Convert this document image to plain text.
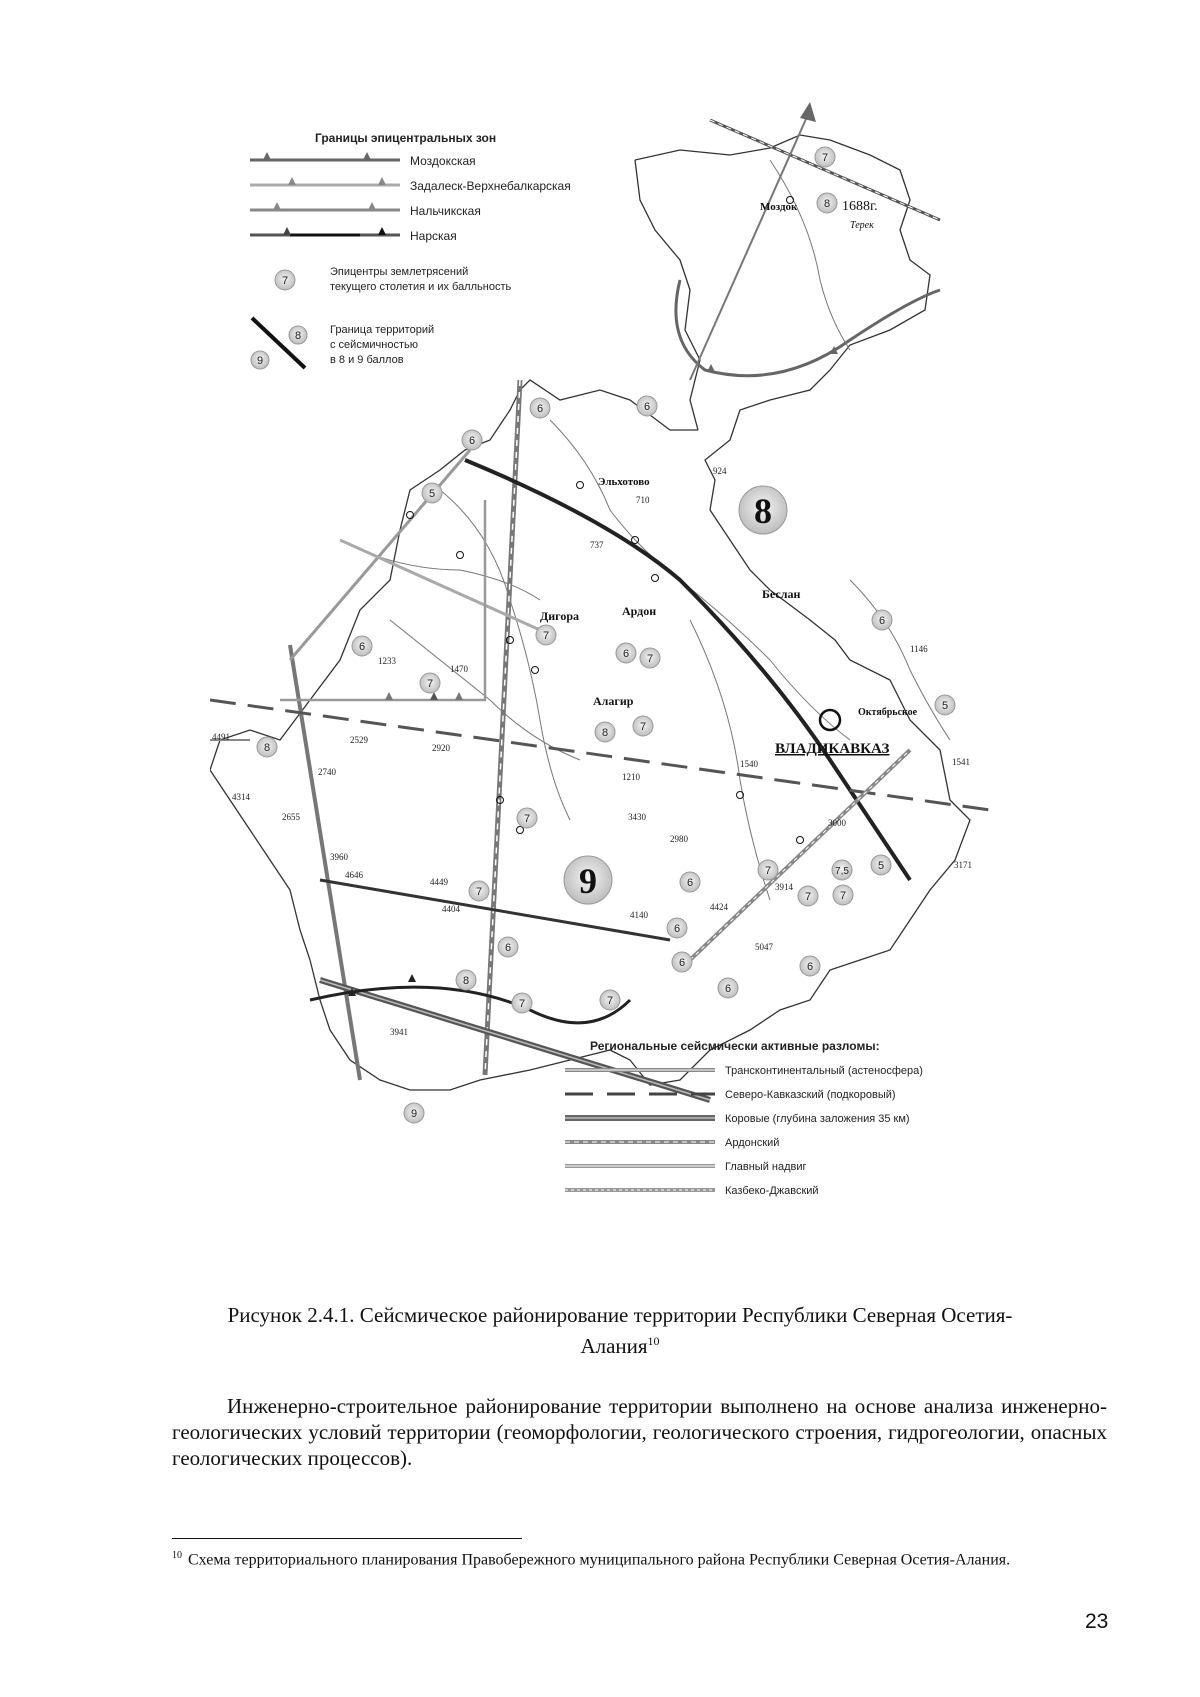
Границы эпицентральных зон
Моздокская
Задалеск-Верхнебалкарская
Нальчикская
Нарская
7
Эпицентры землетрясений
текущего столетия и их балльность
8
9
Граница территорий
с сейсмичностью
в 8 и 9 баллов
8
9
ВЛАДИКАВКАЗ
Моздок	1688г.
Терек
Беслан
Ардон
Дигора
Алагир
Эльхотово
Октябрьское
924
710
737
1233
1470
2529
2920
1210
1540
3430
2980
3000
1146
3171
3914
4140
4424
4404
4491
2740
4314
2655
3960
4646
4449
5047
3941
1541
7
8
6	6
6
5
6
7
7
6 7
8	7
6
5
8
7
7
6
7
7,5	5
7
7
6
6
6	6
8
7
6
7
Региональные сейсмически активные разломы:
Трансконтинентальный (астеносфера)
Северо-Кавказский (подкоровый)
Коровые (глубина заложения 35 км)
Ардонский
Главный надвиг
Казбеко-Джавский
9
Рисунок 2.4.1. Сейсмическое районирование территории Республики Северная Осетия-
Алания$^{10}$

Инженерно-строительное районирование территории выполнено на основе анализа инженерно-геологических условий территории (геоморфологии, геологического строения, гидрогеологии, опасных геологических процессов).

$^{10}$ Схема территориального планирования Правобережного муниципального района Республики Северная Осетия-Алания.
23
